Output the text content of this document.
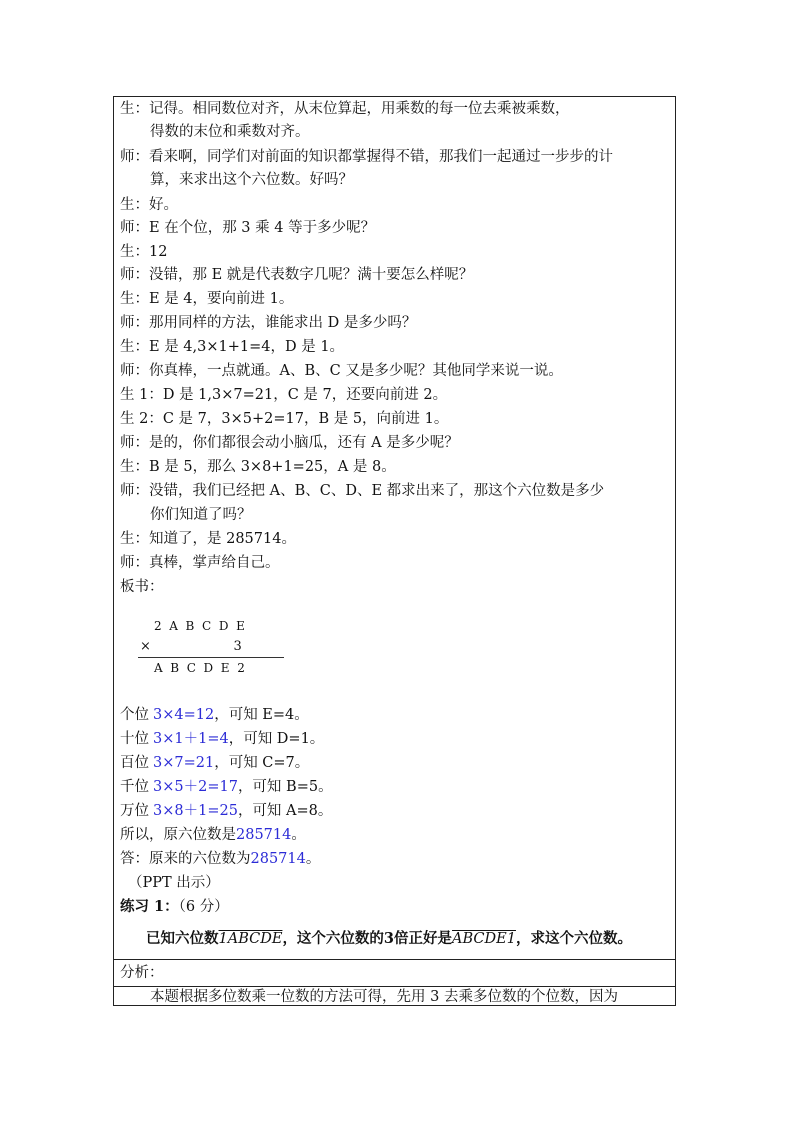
生：记得。相同数位对齐，从末位算起，用乘数的每一位去乘被乘数，
得数的末位和乘数对齐。
师：看来啊，同学们对前面的知识都掌握得不错，那我们一起通过一步步的计
算，来求出这个六位数。好吗？
生：好。
师：E 在个位，那 3 乘 4 等于多少呢？
生：12
师：没错，那 E 就是代表数字几呢？满十要怎么样呢？
生：E 是 4，要向前进 1。
师：那用同样的方法，谁能求出 D 是多少吗？
生：E 是 4,3×1+1=4，D 是 1。
师：你真棒，一点就通。A、B、C 又是多少呢？其他同学来说一说。
生 1：D 是 1,3×7=21，C 是 7，还要向前进 2。
生 2：C 是 7，3×5+2=17，B 是 5，向前进 1。
师：是的，你们都很会动小脑瓜，还有 A 是多少呢？
生：B 是 5，那么 3×8+1=25，A 是 8。
师：没错，我们已经把 A、B、C、D、E 都求出来了，那这个六位数是多少
你们知道了吗？
生：知道了，是 285714。
师：真棒，掌声给自己。
板书：
2  A  B  C  D  E
×                    3
A  B  C  D  E  2
个位 3×4=12，可知 E=4。
十位 3×1＋1=4，可知 D=1。
百位 3×7=21，可知 C=7。
千位 3×5＋2=17，可知 B=5。
万位 3×8＋1=25，可知 A=8。
所以，原六位数是285714。
答：原来的六位数为285714。
（PPT 出示）
练习 1：（6 分）
已知六位数1ABCDE，这个六位数的3倍正好是ABCDE1，求这个六位数。
分析：
本题根据多位数乘一位数的方法可得，先用 3 去乘多位数的个位数，因为
